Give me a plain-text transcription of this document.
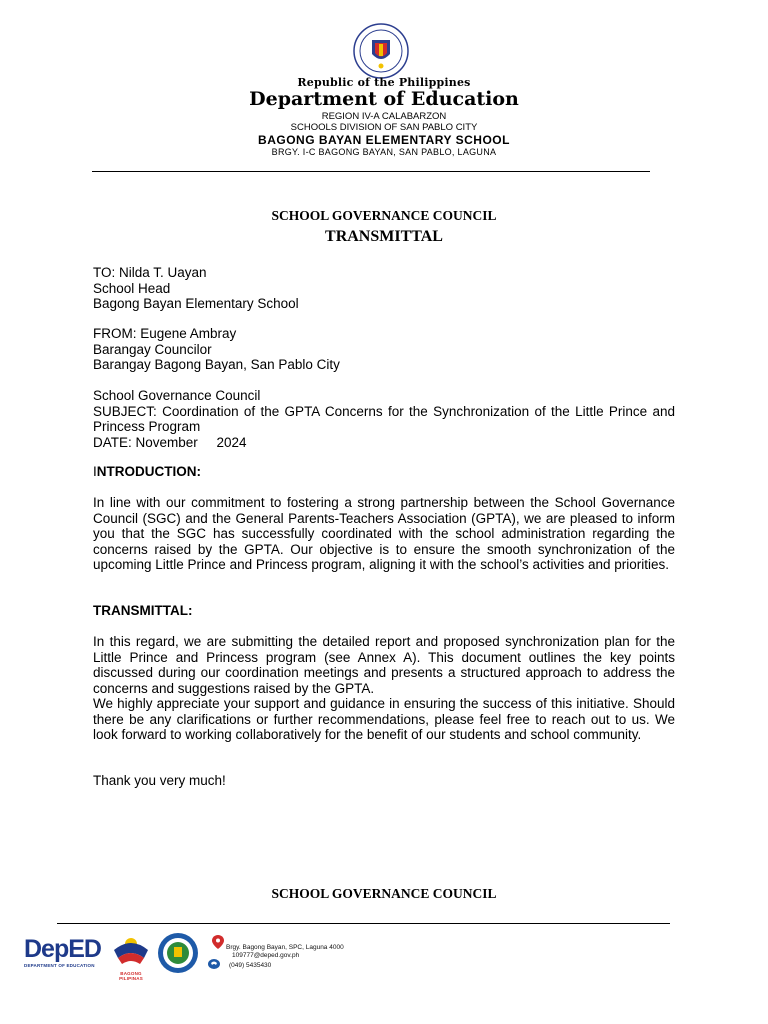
Republic of the Philippines
Department of Education
REGION IV-A CALABARZON
SCHOOLS DIVISION OF SAN PABLO CITY
BAGONG BAYAN ELEMENTARY SCHOOL
BRGY. I-C BAGONG BAYAN, SAN PABLO, LAGUNA
SCHOOL GOVERNANCE COUNCIL
TRANSMITTAL
TO: Nilda T. Uayan
School Head
Bagong Bayan Elementary School
FROM: Eugene Ambray
Barangay Councilor
Barangay Bagong Bayan, San Pablo City
School Governance Council
SUBJECT: Coordination of the GPTA Concerns for the Synchronization of the Little Prince and Princess Program
DATE: November     2024
INTRODUCTION:
In line with our commitment to fostering a strong partnership between the School Governance Council (SGC) and the General Parents-Teachers Association (GPTA), we are pleased to inform you that the SGC has successfully coordinated with the school administration regarding the concerns raised by the GPTA. Our objective is to ensure the smooth synchronization of the upcoming Little Prince and Princess program, aligning it with the school’s activities and priorities.
TRANSMITTAL:
In this regard, we are submitting the detailed report and proposed synchronization plan for the Little Prince and Princess program (see Annex A). This document outlines the key points discussed during our coordination meetings and presents a structured approach to address the concerns and suggestions raised by the GPTA.
We highly appreciate your support and guidance in ensuring the success of this initiative. Should there be any clarifications or further recommendations, please feel free to reach out to us. We look forward to working collaboratively for the benefit of our students and school community.
Thank you very much!
SCHOOL GOVERNANCE COUNCIL
DepED
DEPARTMENT OF EDUCATION
BAGONG PILIPINAS
Brgy. Bagong Bayan, SPC, Laguna 4000
109777@deped.gov.ph
(049) 5435430
